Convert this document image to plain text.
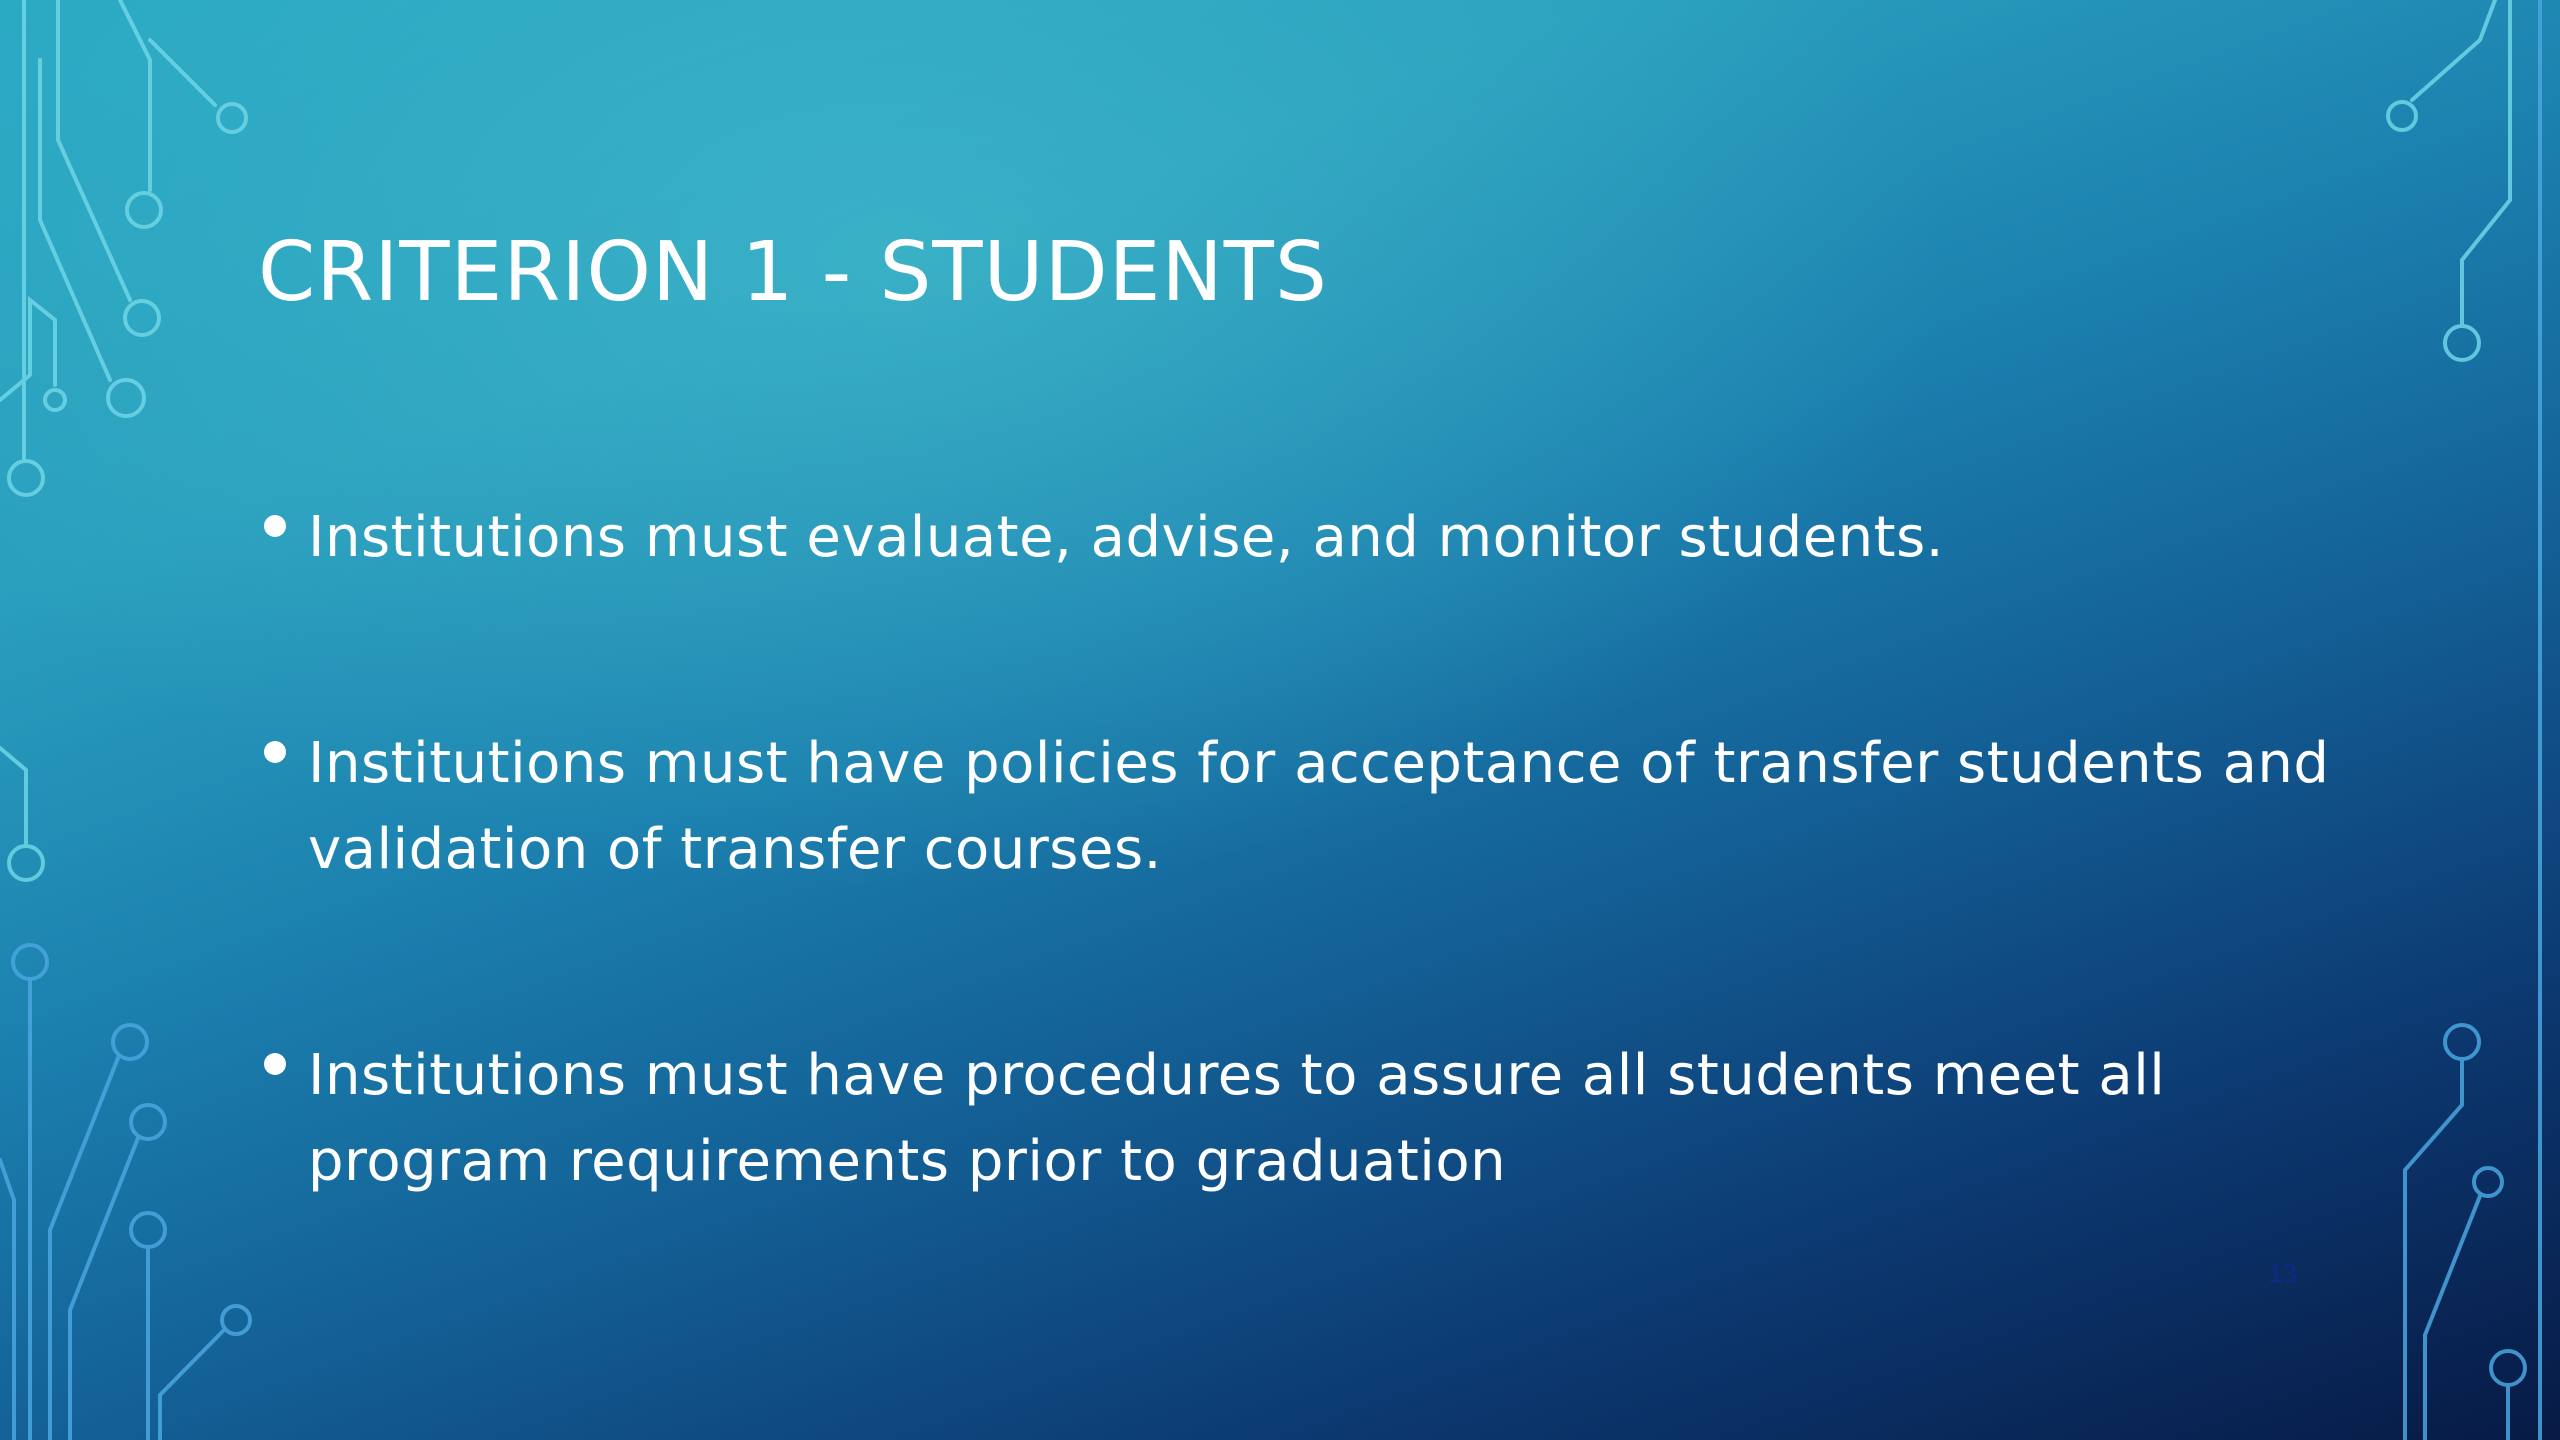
CRITERION 1 - STUDENTS
Institutions must evaluate, advise, and monitor students.
Institutions must have policies for acceptance of transfer students and validation of transfer courses.
Institutions must have procedures to assure all students meet all program requirements prior to graduation
13
